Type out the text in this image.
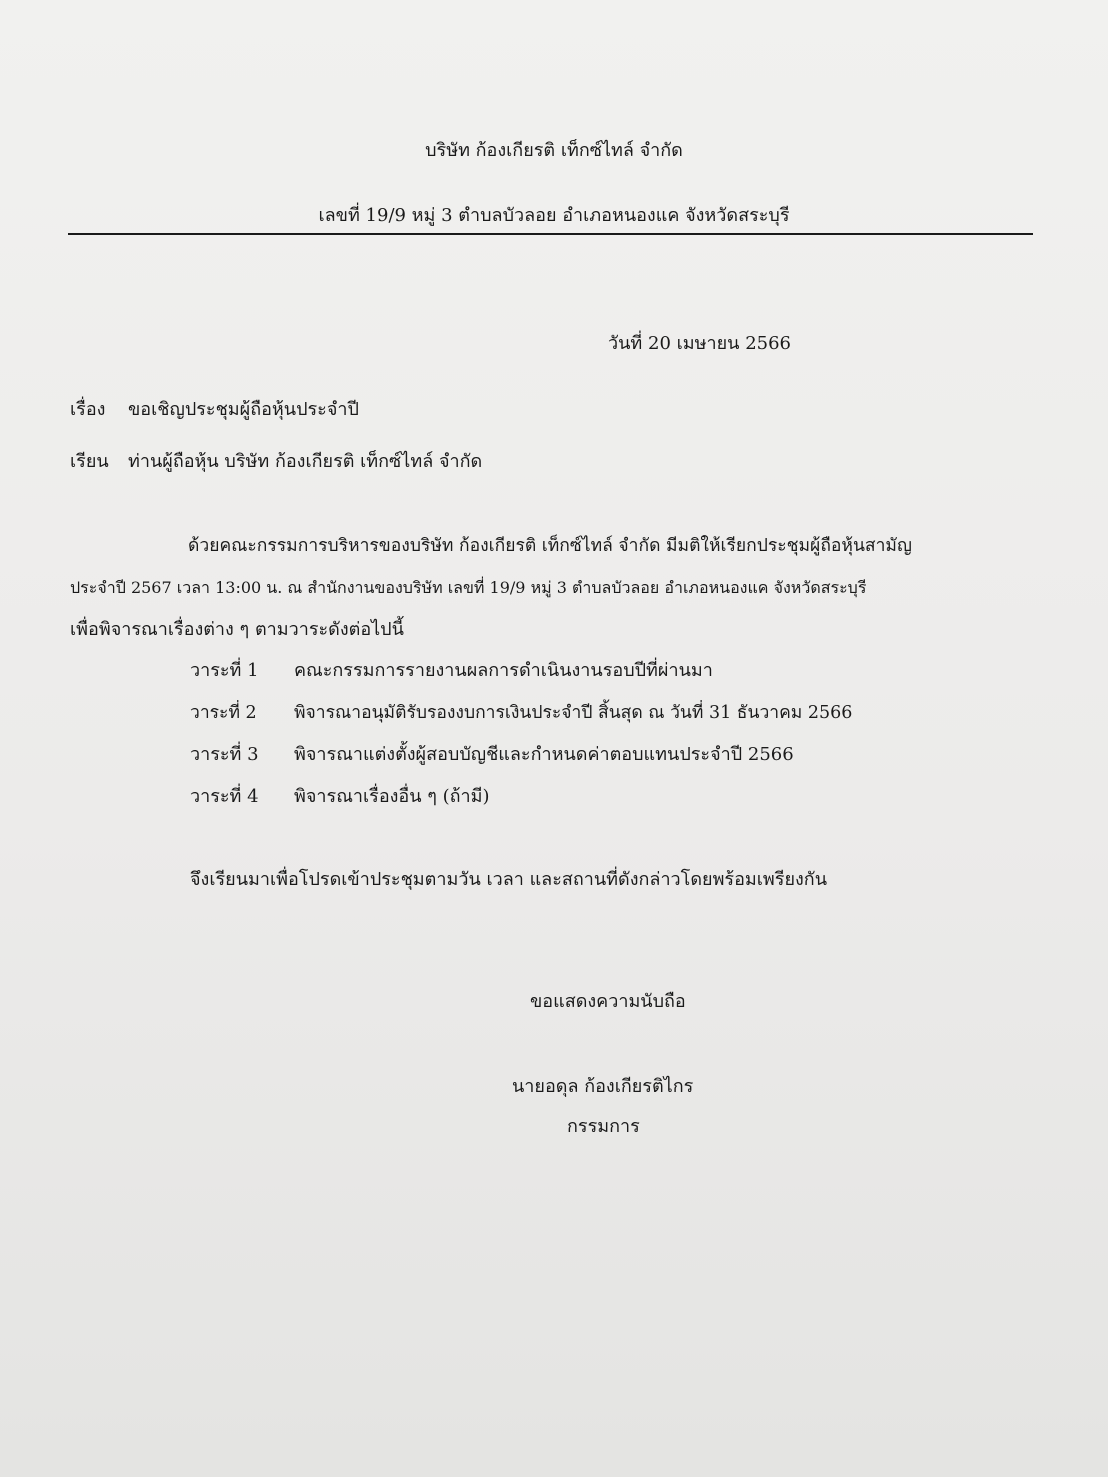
บริษัท ก้องเกียรติ เท็กซ์ไทล์ จำกัด
เลขที่ 19/9 หมู่ 3 ตำบลบัวลอย อำเภอหนองแค จังหวัดสระบุรี
วันที่ 20 เมษายน 2566
เรื่อง ขอเชิญประชุมผู้ถือหุ้นประจำปี
เรียน ท่านผู้ถือหุ้น บริษัท ก้องเกียรติ เท็กซ์ไทล์ จำกัด
ด้วยคณะกรรมการบริหารของบริษัท ก้องเกียรติ เท็กซ์ไทล์ จำกัด มีมติให้เรียกประชุมผู้ถือหุ้นสามัญ
ประจำปี 2567 เวลา 13:00 น. ณ สำนักงานของบริษัท เลขที่ 19/9 หมู่ 3 ตำบลบัวลอย อำเภอหนองแค จังหวัดสระบุรี
เพื่อพิจารณาเรื่องต่าง ๆ ตามวาระดังต่อไปนี้
วาระที่ 1 คณะกรรมการรายงานผลการดำเนินงานรอบปีที่ผ่านมา
วาระที่ 2 พิจารณาอนุมัติรับรองงบการเงินประจำปี สิ้นสุด ณ วันที่ 31 ธันวาคม 2566
วาระที่ 3 พิจารณาแต่งตั้งผู้สอบบัญชีและกำหนดค่าตอบแทนประจำปี 2566
วาระที่ 4 พิจารณาเรื่องอื่น ๆ (ถ้ามี)
จึงเรียนมาเพื่อโปรดเข้าประชุมตามวัน เวลา และสถานที่ดังกล่าวโดยพร้อมเพรียงกัน
ขอแสดงความนับถือ
นายอดุล ก้องเกียรติไกร
กรรมการ
